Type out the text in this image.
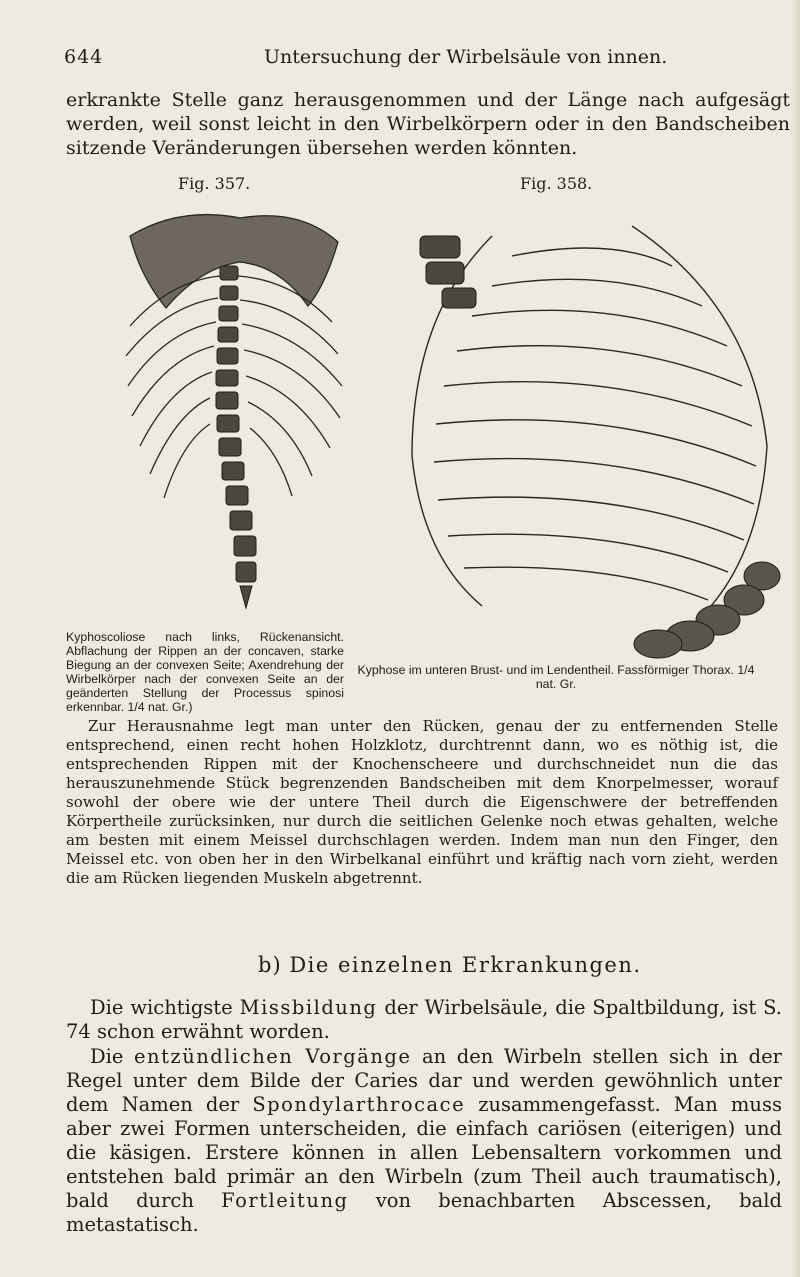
644	Untersuchung der Wirbelsäule von innen.

erkrankte Stelle ganz herausgenommen und der Länge nach aufgesägt werden, weil sonst leicht in den Wirbelkörpern oder in den Bandscheiben sitzende Veränderungen übersehen werden könnten.

Fig. 357.

Kyphoscoliose nach links, Rückenansicht. Abflachung der Rippen an der concaven, starke Biegung an der convexen Seite; Axendrehung der Wirbelkörper nach der convexen Seite an der geänderten Stellung der Processus spinosi erkennbar. 1/4 nat. Gr.)

Fig. 358.

Kyphose im unteren Brust- und im Lendentheil. Fassförmiger Thorax. 1/4 nat. Gr.

Zur Herausnahme legt man unter den Rücken, genau der zu entfernenden Stelle entsprechend, einen recht hohen Holzklotz, durchtrennt dann, wo es nöthig ist, die entsprechenden Rippen mit der Knochenscheere und durchschneidet nun die das herauszunehmende Stück begrenzenden Bandscheiben mit dem Knorpelmesser, worauf sowohl der obere wie der untere Theil durch die Eigenschwere der betreffenden Körpertheile zurücksinken, nur durch die seitlichen Gelenke noch etwas gehalten, welche am besten mit einem Meissel durchschlagen werden. Indem man nun den Finger, den Meissel etc. von oben her in den Wirbelkanal einführt und kräftig nach vorn zieht, werden die am Rücken liegenden Muskeln abgetrennt.

b) Die einzelnen Erkrankungen.

Die wichtigste Missbildung der Wirbelsäule, die Spaltbildung, ist S. 74 schon erwähnt worden.

Die entzündlichen Vorgänge an den Wirbeln stellen sich in der Regel unter dem Bilde der Caries dar und werden gewöhnlich unter dem Namen der Spondylarthrocace zusammengefasst. Man muss aber zwei Formen unterscheiden, die einfach cariösen (eiterigen) und die käsigen. Erstere können in allen Lebensaltern vorkommen und entstehen bald primär an den Wirbeln (zum Theil auch traumatisch), bald durch Fortleitung von benachbarten Abscessen, bald metastatisch.
